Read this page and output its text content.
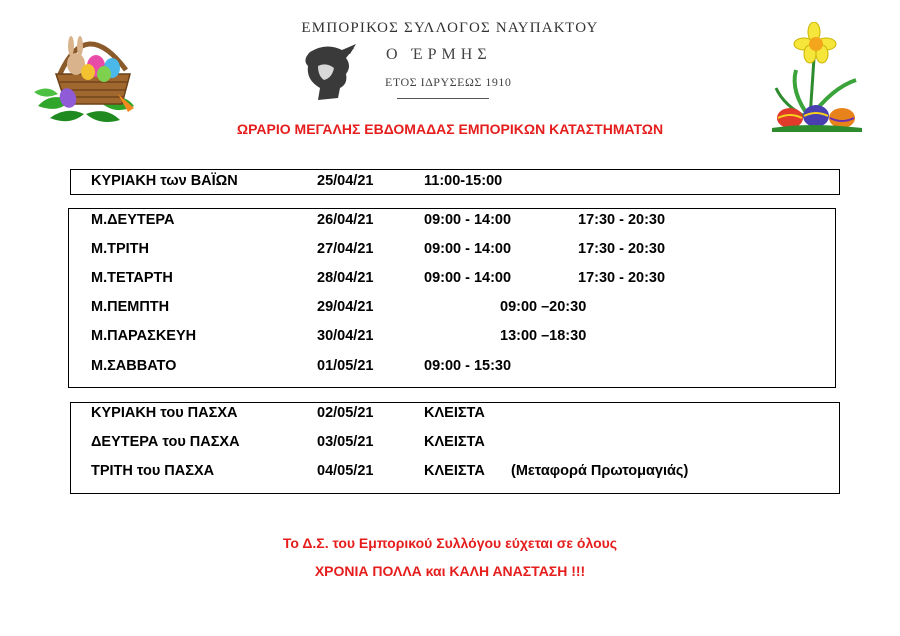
ΕΜΠΟΡΙΚΟΣ ΣΥΛΛΟΓΟΣ ΝΑΥΠΑΚΤΟΥ
Ο ΈΡΜΗΣ
ΕΤΟΣ ΙΔΡΥΣΕΩΣ 1910
ΩΡΑΡΙΟ ΜΕΓΑΛΗΣ ΕΒΔΟΜΑΔΑΣ ΕΜΠΟΡΙΚΩΝ ΚΑΤΑΣΤΗΜΑΤΩΝ
ΚΥΡΙΑΚΗ των ΒΑΪΩΝ	25/04/21	11:00-15:00
Μ.ΔΕΥΤΕΡΑ	26/04/21	09:00 - 14:00	17:30 - 20:30
Μ.ΤΡΙΤΗ	27/04/21	09:00 - 14:00	17:30 - 20:30
Μ.ΤΕΤΑΡΤΗ	28/04/21	09:00 - 14:00	17:30 - 20:30
Μ.ΠΕΜΠΤΗ	29/04/21	09:00 –20:30
Μ.ΠΑΡΑΣΚΕΥΗ	30/04/21	13:00 –18:30
Μ.ΣΑΒΒΑΤΟ	01/05/21	09:00 - 15:30
ΚΥΡΙΑΚΗ του ΠΑΣΧΑ	02/05/21	ΚΛΕΙΣΤΑ
ΔΕΥΤΕΡΑ του ΠΑΣΧΑ	03/05/21	ΚΛΕΙΣΤΑ
ΤΡΙΤΗ του ΠΑΣΧΑ	04/05/21	ΚΛΕΙΣΤΑ (Μεταφορά Πρωτομαγιάς)
Το Δ.Σ. του Εμπορικού Συλλόγου εύχεται σε όλους
ΧΡΟΝΙΑ ΠΟΛΛΑ και ΚΑΛΗ ΑΝΑΣΤΑΣΗ !!!
